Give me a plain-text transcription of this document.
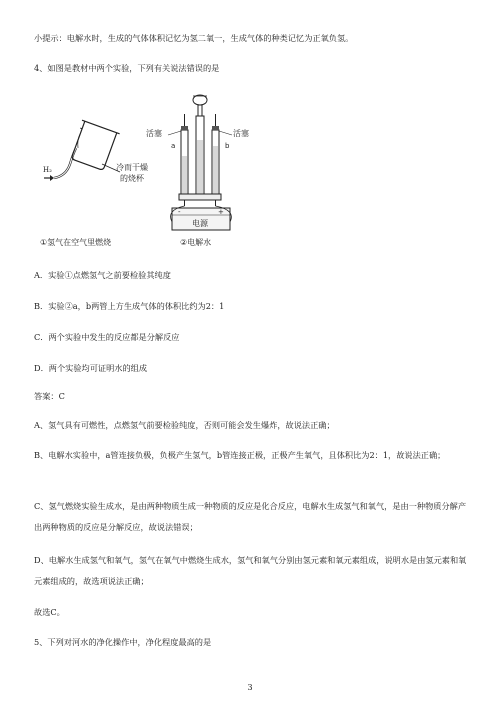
小提示：电解水时，生成的气体体积记忆为氢二氧一，生成气体的种类记忆为正氧负氢。
4、如图是教材中两个实验，下列有关说法错误的是
冷而干燥
的烧杯
H₂
①氢气在空气里燃烧
活塞	活塞
a	b
-	+
电源
②电解水
A．实验①点燃氢气之前要检验其纯度
B．实验②a，b两管上方生成气体的体积比约为2：1
C．两个实验中发生的反应都是分解反应
D．两个实验均可证明水的组成
答案：C
A、氢气具有可燃性，点燃氢气前要检验纯度，否则可能会发生爆炸，故说法正确；
B、电解水实验中，a管连接负极，负极产生氢气，b管连接正极，正极产生氧气，且体积比为2：1，故说法正确；
C、氢气燃烧实验生成水，是由两种物质生成一种物质的反应是化合反应，电解水生成氢气和氧气，是由一种物质分解产出两种物质的反应是分解反应，故说法错误；
D、电解水生成氢气和氧气，氢气在氧气中燃烧生成水，氢气和氧气分别由氢元素和氧元素组成，说明水是由氢元素和氧元素组成的，故选项说法正确；
故选C。
5、下列对河水的净化操作中，净化程度最高的是
3
